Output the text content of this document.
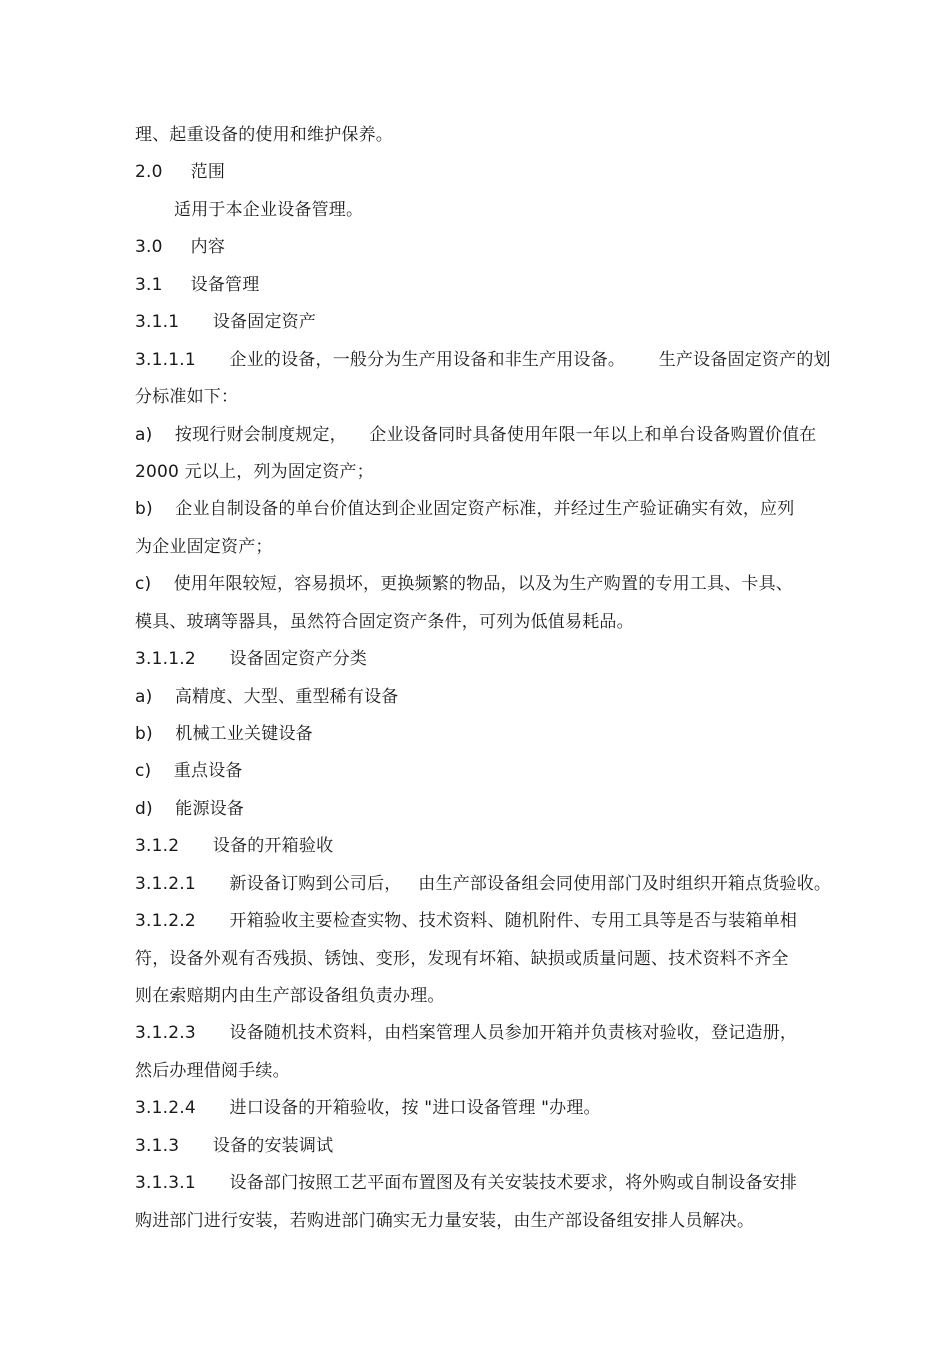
理、起重设备的使用和维护保养。
2.0     范围
适用于本企业设备管理。
3.0     内容
3.1     设备管理
3.1.1      设备固定资产
3.1.1.1      企业的设备，一般分为生产用设备和非生产用设备。      生产设备固定资产的划
分标准如下：
a)    按现行财会制度规定，    企业设备同时具备使用年限一年以上和单台设备购置价值在
2000 元以上，列为固定资产；
b)    企业自制设备的单台价值达到企业固定资产标准，并经过生产验证确实有效，应列
为企业固定资产；
c)    使用年限较短，容易损坏，更换频繁的物品，以及为生产购置的专用工具、卡具、
模具、玻璃等器具，虽然符合固定资产条件，可列为低值易耗品。
3.1.1.2      设备固定资产分类
a)    高精度、大型、重型稀有设备
b)    机械工业关键设备
c)    重点设备
d)    能源设备
3.1.2      设备的开箱验收
3.1.2.1      新设备订购到公司后，   由生产部设备组会同使用部门及时组织开箱点货验收。
3.1.2.2      开箱验收主要检查实物、技术资料、随机附件、专用工具等是否与装箱单相
符，设备外观有否残损、锈蚀、变形，发现有坏箱、缺损或质量问题、技术资料不齐全
则在索赔期内由生产部设备组负责办理。
3.1.2.3      设备随机技术资料，由档案管理人员参加开箱并负责核对验收，登记造册，
然后办理借阅手续。
3.1.2.4      进口设备的开箱验收，按 "进口设备管理 "办理。
3.1.3      设备的安装调试
3.1.3.1      设备部门按照工艺平面布置图及有关安装技术要求，将外购或自制设备安排
购进部门进行安装，若购进部门确实无力量安装，由生产部设备组安排人员解决。
